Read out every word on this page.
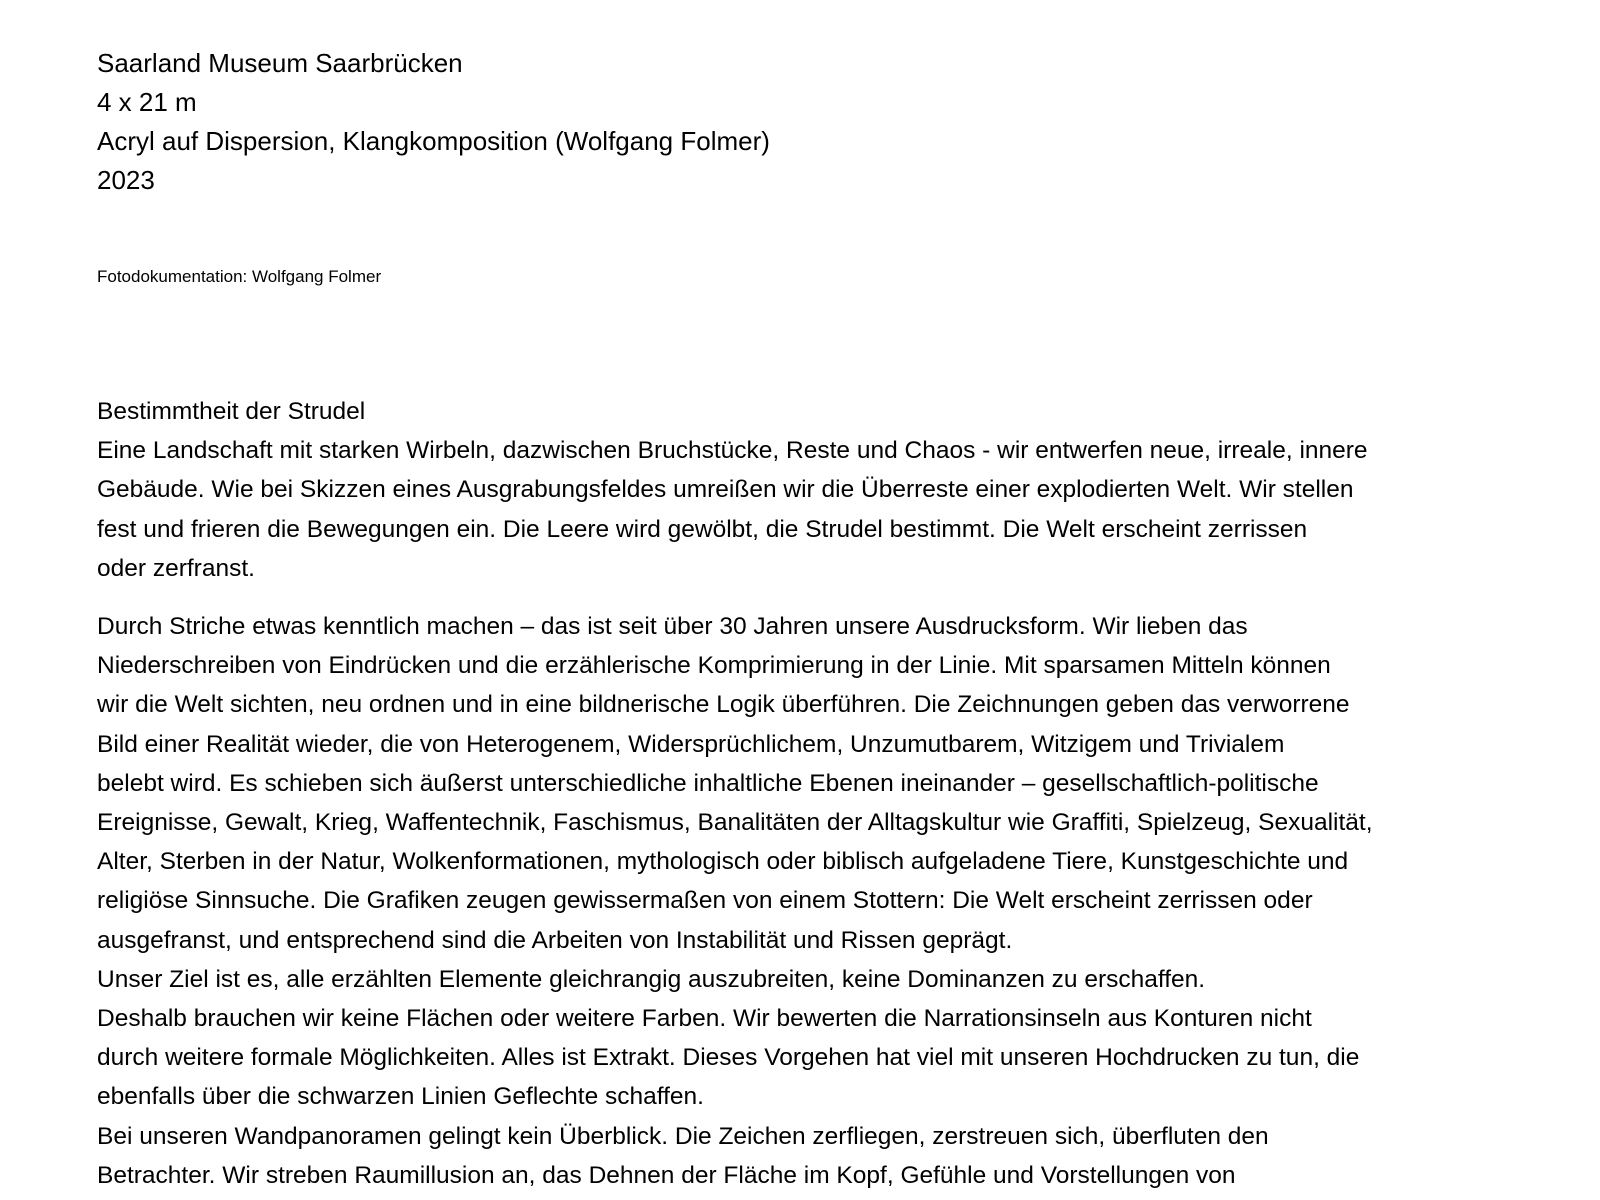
Saarland Museum Saarbrücken
4 x 21 m
Acryl auf Dispersion, Klangkomposition (Wolfgang Folmer)
2023
Fotodokumentation: Wolfgang Folmer
Bestimmtheit der Strudel
Eine Landschaft mit starken Wirbeln, dazwischen Bruchstücke, Reste und Chaos - wir entwerfen neue, irreale, innere
Gebäude. Wie bei Skizzen eines Ausgrabungsfeldes umreißen wir die Überreste einer explodierten Welt. Wir stellen
fest und frieren die Bewegungen ein. Die Leere wird gewölbt, die Strudel bestimmt. Die Welt erscheint zerrissen
oder zerfranst.
Durch Striche etwas kenntlich machen – das ist seit über 30 Jahren unsere Ausdrucksform. Wir lieben das
Niederschreiben von Eindrücken und die erzählerische Komprimierung in der Linie. Mit sparsamen Mitteln können
wir die Welt sichten, neu ordnen und in eine bildnerische Logik überführen. Die Zeichnungen geben das verworrene
Bild einer Realität wieder, die von Heterogenem, Widersprüchlichem, Unzumutbarem, Witzigem und Trivialem
belebt wird. Es schieben sich äußerst unterschiedliche inhaltliche Ebenen ineinander – gesellschaftlich-politische
Ereignisse, Gewalt, Krieg, Waffentechnik, Faschismus, Banalitäten der Alltagskultur wie Graffiti, Spielzeug, Sexualität,
Alter, Sterben in der Natur, Wolkenformationen, mythologisch oder biblisch aufgeladene Tiere, Kunstgeschichte und
religiöse Sinnsuche. Die Grafiken zeugen gewissermaßen von einem Stottern: Die Welt erscheint zerrissen oder
ausgefranst, und entsprechend sind die Arbeiten von Instabilität und Rissen geprägt.
Unser Ziel ist es, alle erzählten Elemente gleichrangig auszubreiten, keine Dominanzen zu erschaffen.
Deshalb brauchen wir keine Flächen oder weitere Farben. Wir bewerten die Narrationsinseln aus Konturen nicht
durch weitere formale Möglichkeiten. Alles ist Extrakt. Dieses Vorgehen hat viel mit unseren Hochdrucken zu tun, die
ebenfalls über die schwarzen Linien Geflechte schaffen.
Bei unseren Wandpanoramen gelingt kein Überblick. Die Zeichen zerfliegen, zerstreuen sich, überfluten den
Betrachter. Wir streben Raumillusion an, das Dehnen der Fläche im Kopf, Gefühle und Vorstellungen von
